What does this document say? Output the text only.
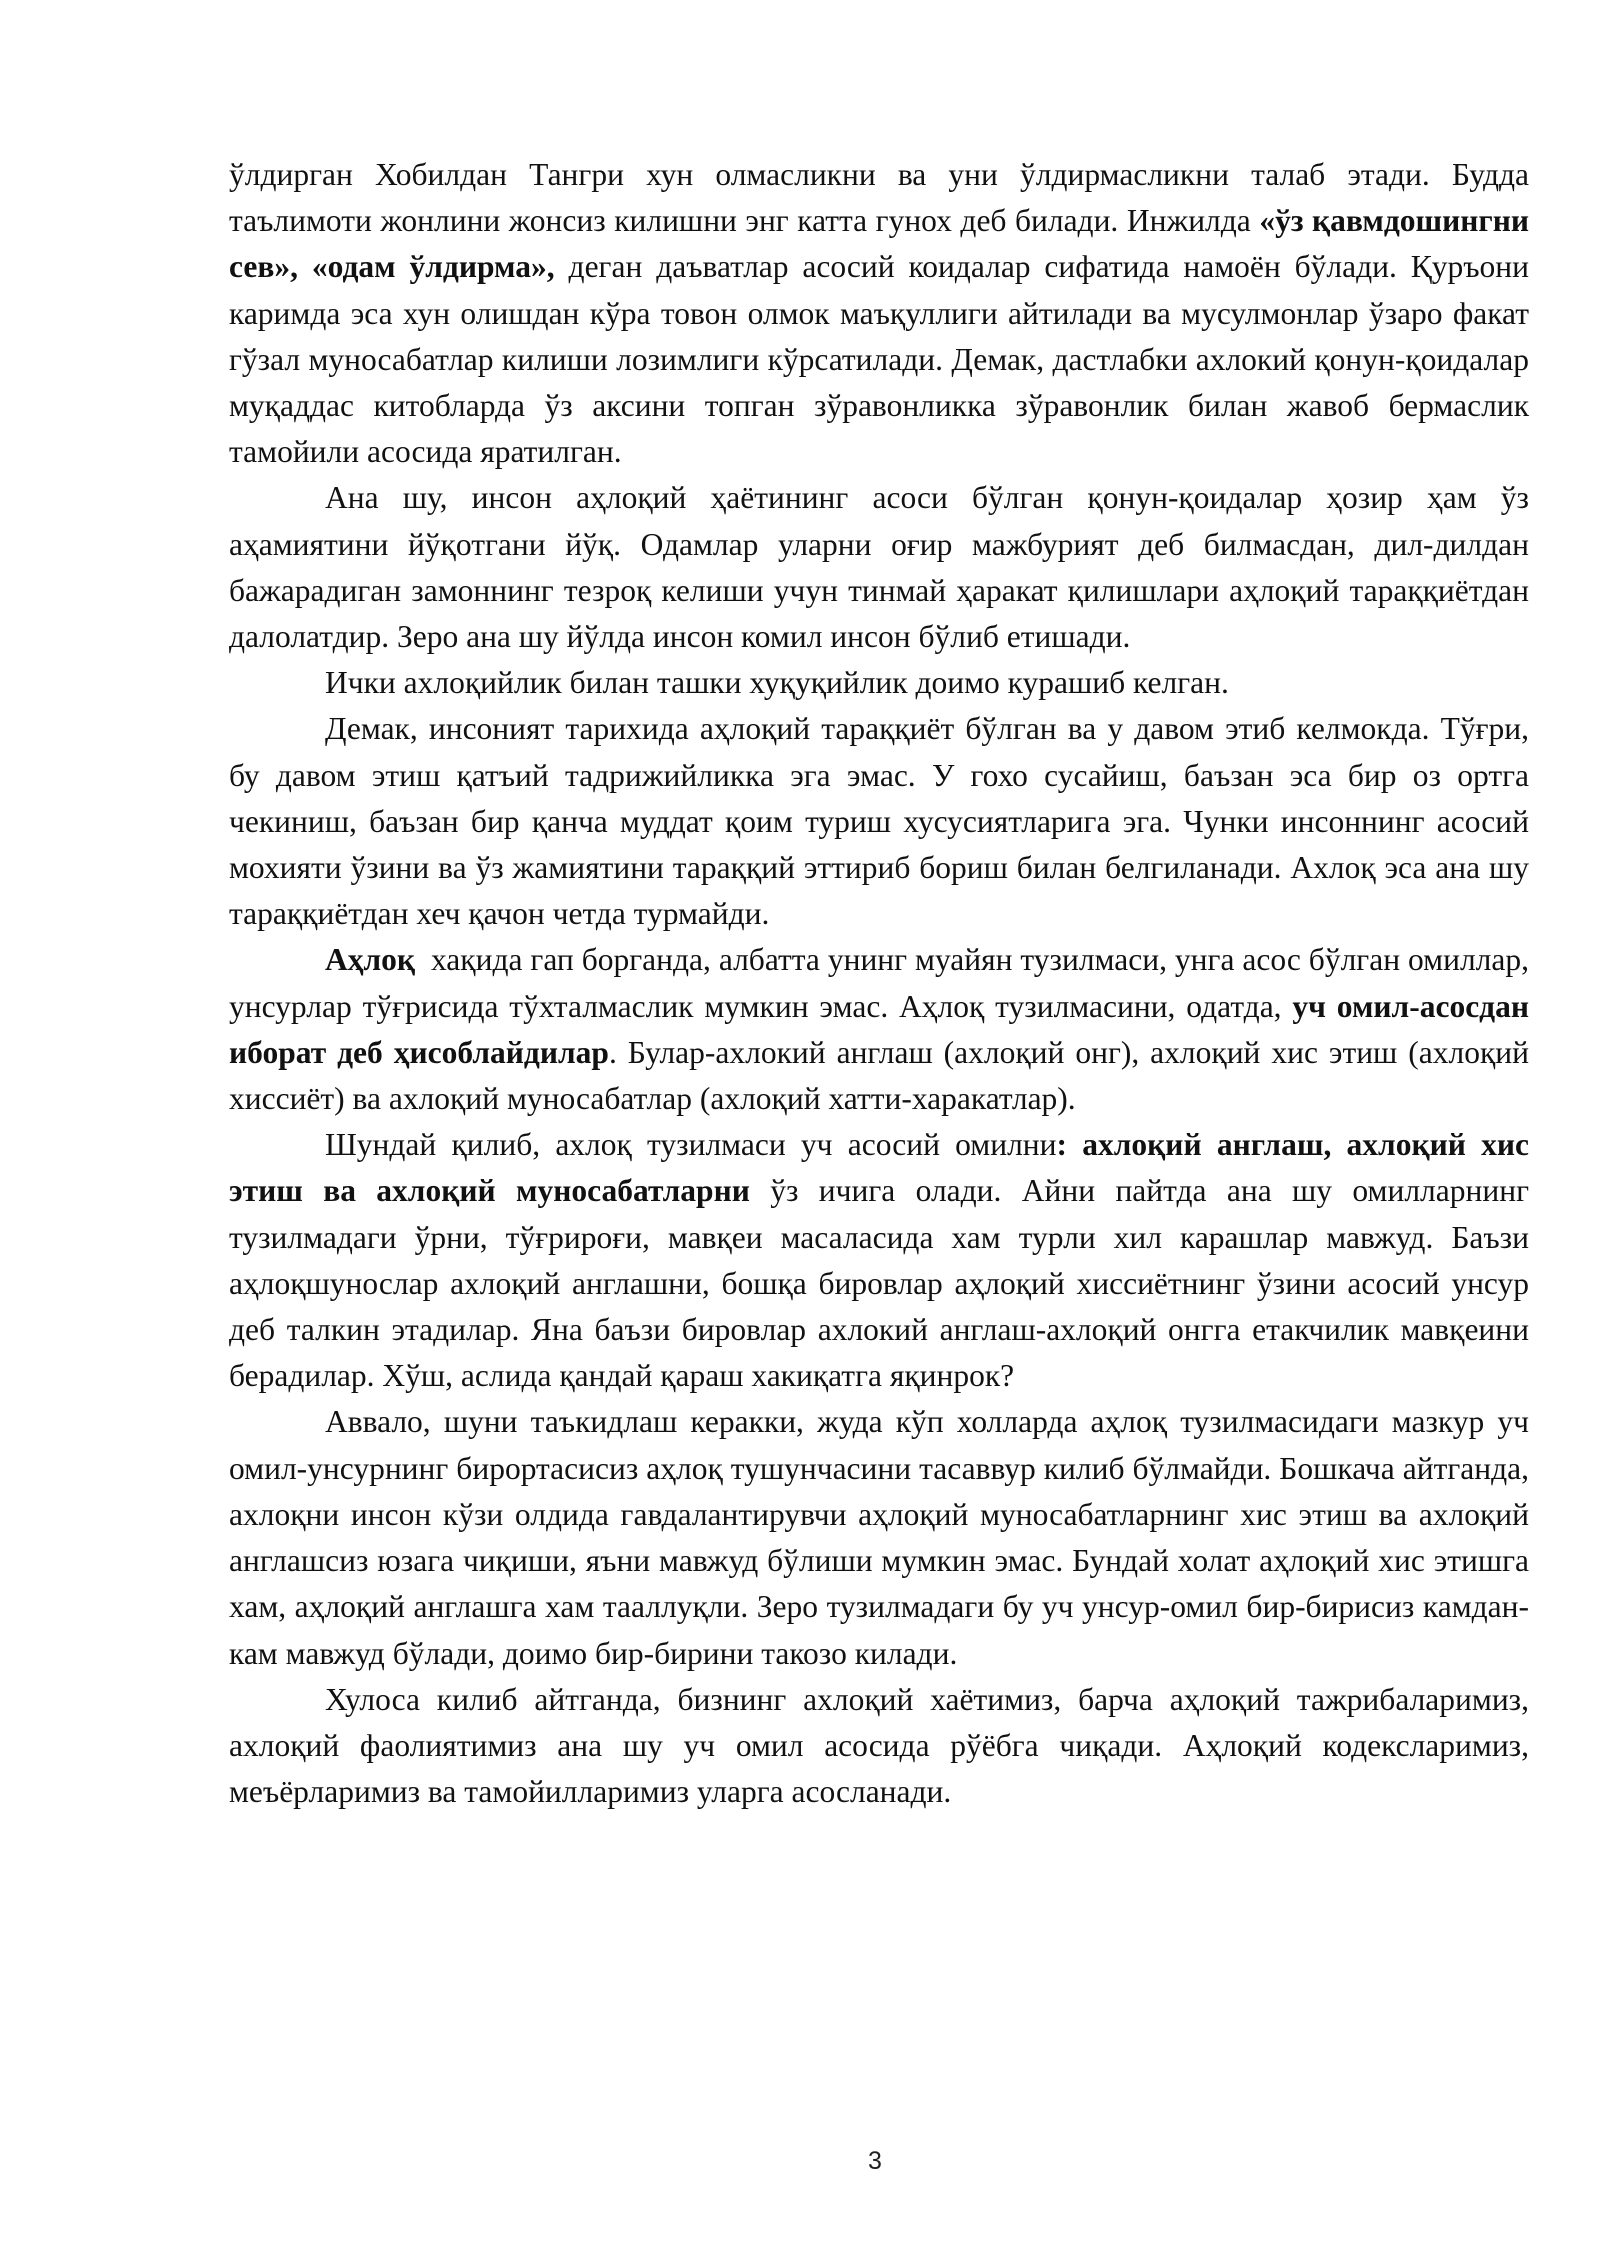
ўлдирган Хобилдан Тангри хун олмасликни ва уни ўлдирмасликни талаб этади. Будда таълимоти жонлини жонсиз килишни энг катта гунох деб билади. Инжилда «ўз қавмдошингни сев», «одам ўлдирма», деган даъватлар асосий коидалар сифатида намоён бўлади. Қуръони каримда эса хун олишдан кўра товон олмок маъқуллиги айтилади ва мусулмонлар ўзаро факат гўзал муносабатлар килиши лозимлиги кўрсатилади. Демак, дастлабки ахлокий қонун-қоидалар муқаддас китобларда ўз аксини топган зўравонликка зўравонлик билан жавоб бермаслик тамойили асосида яратилган.

Ана шу, инсон аҳлоқий ҳаётининг асоси бўлган қонун-қоидалар ҳозир ҳам ўз аҳамиятини йўқотгани йўқ. Одамлар уларни оғир мажбурият деб билмасдан, дил-дилдан бажарадиган замоннинг тезроқ келиши учун тинмай ҳаракат қилишлари аҳлоқий тараққиётдан далолатдир. Зеро ана шу йўлда инсон комил инсон бўлиб етишади.

Ички ахлоқийлик билан ташки хуқуқийлик доимо курашиб келган.

Демак, инсоният тарихида аҳлоқий тараққиёт бўлган ва у давом этиб келмокда. Тўғри, бу давом этиш қатъий тадрижийликка эга эмас. У гохо сусайиш, баъзан эса бир оз ортга чекиниш, баъзан бир қанча муддат қоим туриш хусусиятларига эга. Чунки инсоннинг асосий мохияти ўзини ва ўз жамиятини тараққий эттириб бориш билан белгиланади. Ахлоқ эса ана шу тараққиётдан хеч қачон четда турмайди.

Аҳлоқ  хақида гап борганда, албатта унинг муайян тузилмаси, унга асос бўлган омиллар, унсурлар тўғрисида тўхталмаслик мумкин эмас. Аҳлоқ тузилмасини, одатда, уч омил-асосдан иборат деб ҳисоблайдилар. Булар-ахлокий англаш (ахлоқий онг), ахлоқий хис этиш (ахлоқий хиссиёт) ва ахлоқий муносабатлар (ахлоқий хатти-харакатлар).

Шундай қилиб, ахлоқ тузилмаси уч асосий омилни: ахлоқий англаш, ахлоқий хис этиш ва ахлоқий муносабатларни ўз ичига олади. Айни пайтда ана шу омилларнинг тузилмадаги ўрни, тўғрироғи, мавқеи масаласида хам турли хил карашлар мавжуд. Баъзи аҳлоқшунослар ахлоқий англашни, бошқа бировлар аҳлоқий хиссиётнинг ўзини асосий унсур деб талкин этадилар. Яна баъзи бировлар ахлокий англаш-ахлоқий онгга етакчилик мавқеини берадилар. Хўш, аслида қандай қараш хакиқатга яқинрок?

Аввало, шуни таъкидлаш керакки, жуда кўп холларда аҳлоқ тузилмасидаги мазкур уч омил-унсурнинг бирортасисиз аҳлоқ тушунчасини тасаввур килиб бўлмайди. Бошкача айтганда, ахлоқни инсон кўзи олдида гавдалантирувчи аҳлоқий муносабатларнинг хис этиш ва ахлоқий англашсиз юзага чиқиши, яъни мавжуд бўлиши мумкин эмас. Бундай холат аҳлоқий хис этишга хам, аҳлоқий англашга хам тааллуқли. Зеро тузилмадаги бу уч унсур-омил бир-бирисиз камдан-кам мавжуд бўлади, доимо бир-бирини такозо килади.

Хулоса килиб айтганда, бизнинг ахлоқий хаётимиз, барча аҳлоқий тажрибаларимиз, ахлоқий фаолиятимиз ана шу уч омил асосида рўёбга чиқади. Аҳлоқий кодексларимиз, меъёрларимиз ва тамойилларимиз уларга асосланади.

3
